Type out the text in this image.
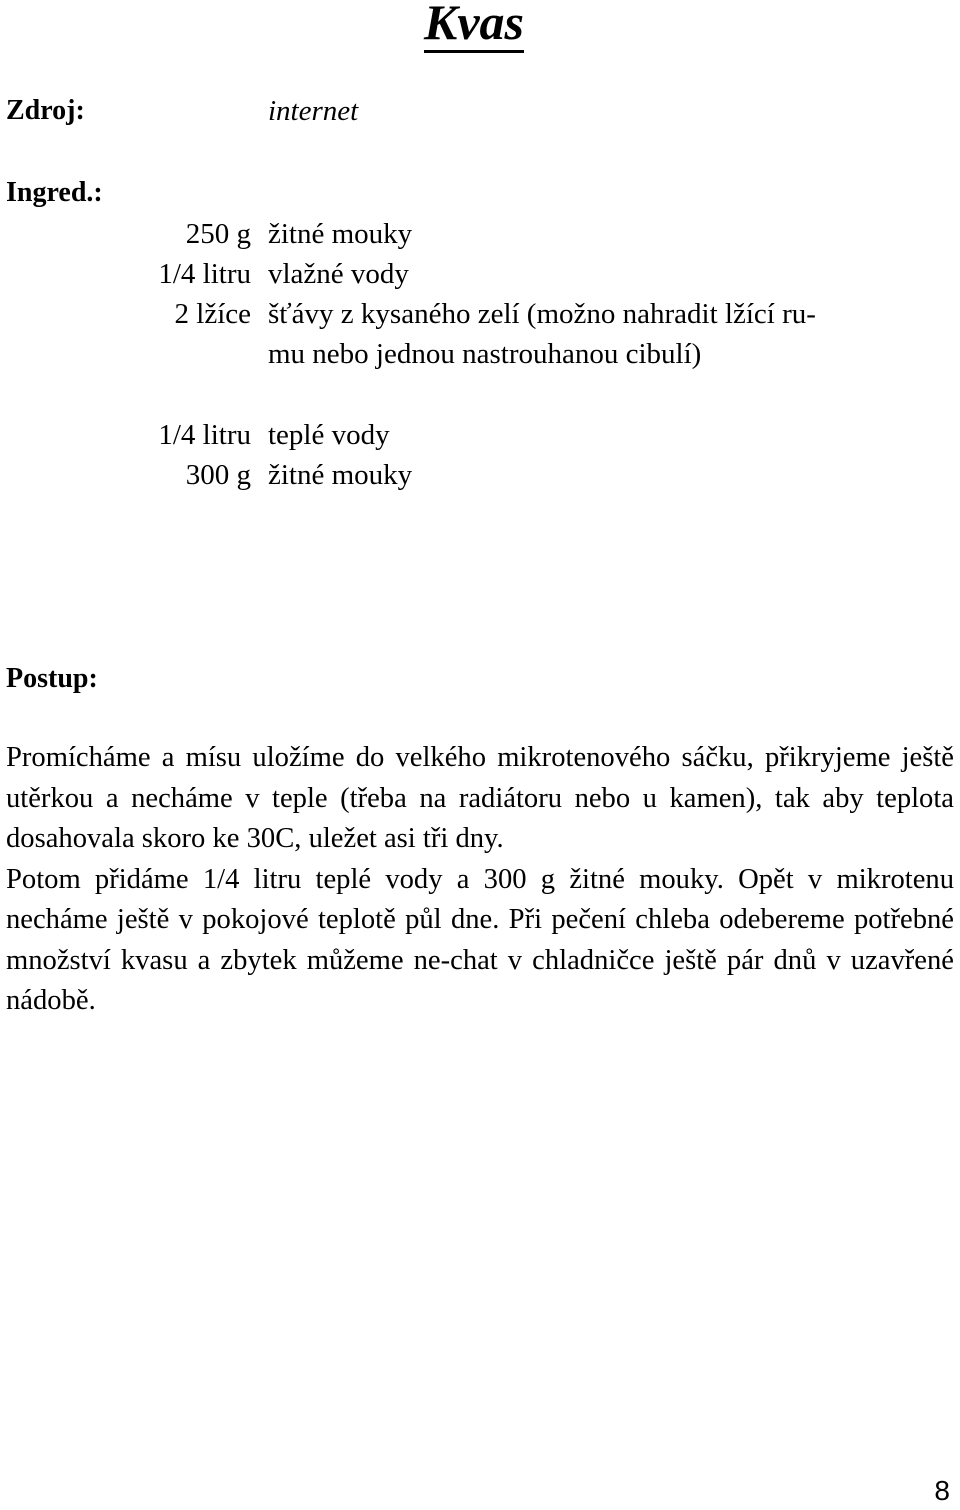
Kvas
Zdroj:	internet
Ingred.:
250 g žitné mouky
1/4 litru vlažné vody
2 lžíce šťávy z kysaného zelí (možno nahradit lžící ru-
mu nebo jednou nastrouhanou cibulí)
1/4 litru teplé vody
300 g žitné mouky
Postup:

Promícháme a mísu uložíme do velkého mikrotenového sáčku, přikryjeme ještě utěrkou a necháme v teple (třeba na radiátoru nebo u kamen), tak aby teplota dosahovala skoro ke 30C, uležet asi tři dny.

Potom přidáme 1/4 litru teplé vody a 300 g žitné mouky. Opět v mikrotenu necháme ještě v pokojové teplotě půl dne. Při pečení chleba odebereme potřebné množství kvasu a zbytek můžeme ne-chat v chladničce ještě pár dnů v uzavřené nádobě.

8
